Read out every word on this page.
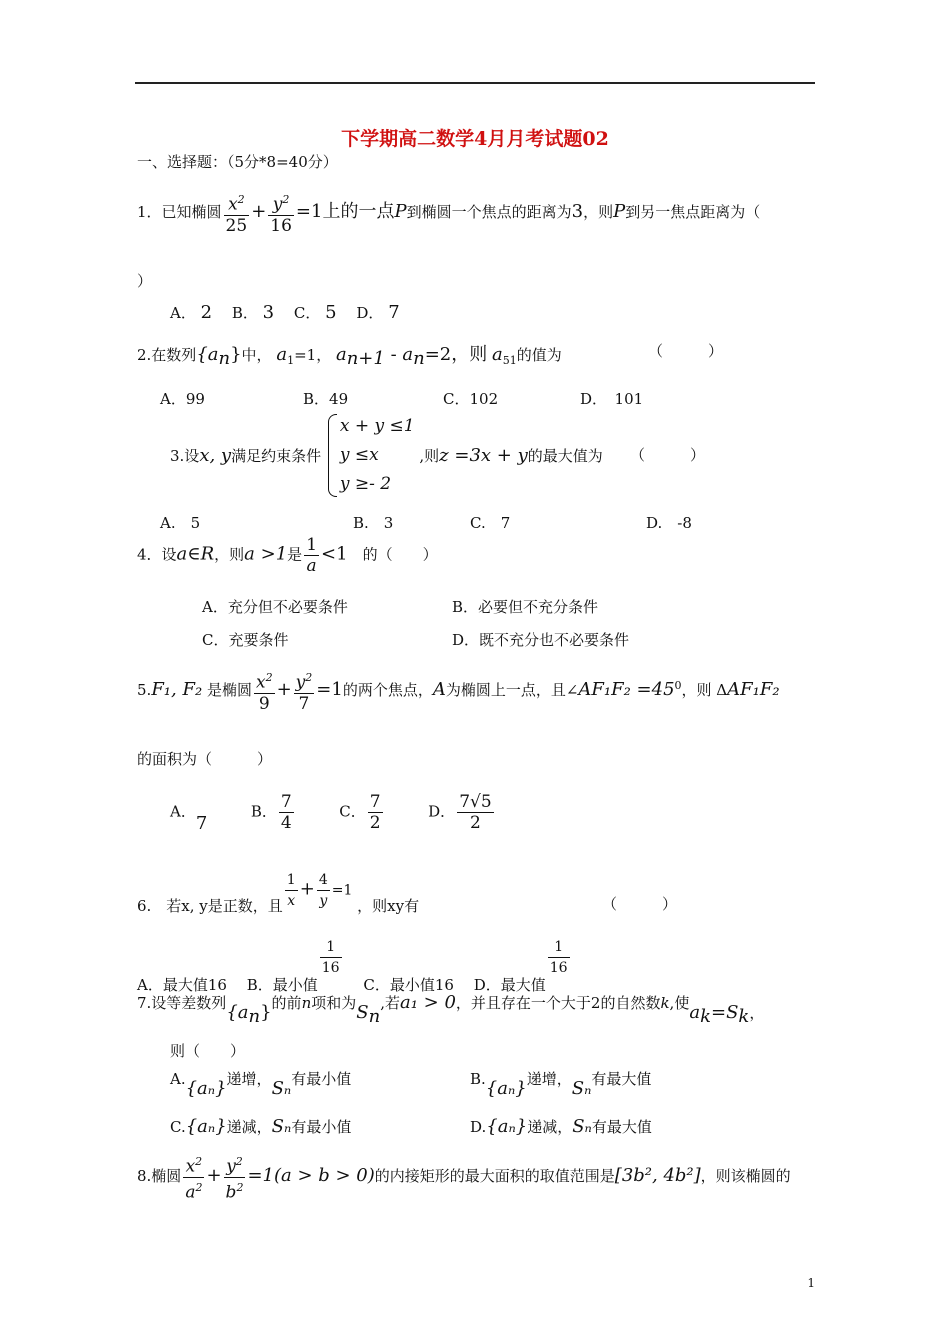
下学期高二数学4月月考试题02
一、选择题：（5分*8=40分）
1．已知椭圆 $\frac{x^2}{25} + \frac{y^2}{16} =1$上的一点P到椭圆一个焦点的距离为3，则P到另一焦点距离为（
）
A． 2　 B． 3　 C． 5　 D． 7
2.在数列$\{a_n\}$中， $a_1=1$， $a_{n+1} - a_n=2$，则 $a_{51}$的值为	（　　　）
A．99	B．49	C．102	D．　101
3.设x, y满足约束条件
x + y ≤1
y ≤x
y ≥- 2
,则z =3x + y的最大值为 （　　　）
A.　5	B.　3	C.　7	D.　-8
4．设a∈R，则a >1是 $\frac{1}{a} <1$　 的（　　）
A．充分但不必要条件	B．必要但不充分条件
C．充要条件	D．既不充分也不必要条件
5.F₁, F₂ 是椭圆 $\frac{x^2}{9} + \frac{y^2}{7} =1$的两个焦点，A为椭圆上一点，且∠AF₁F₂ $=45^0$，则 ΔAF₁F₂
的面积为（　　　）
A．7  B． $\frac{7}{4}$	C． $\frac{7}{2}$	D． $\frac{7√5}{2}$
6.　若x, y是正数，且 $\frac{1}{x} + \frac{4}{y} =1$ ，则xy有	（　　　）
A．最大值16　 B．最小值
$\frac{1}{16}$
　 C．最小值16　 D．最大值
$\frac{1}{16}$
7.设等差数列$\{a_n\}$的前n项和为$S_n$,若a₁ > 0，并且存在一个大于2的自然数k,使$a_k=S_k$，
则（　　）
A.{aₙ}递增，Sₙ有最小值	B.{aₙ}递增，Sₙ有最大值
C.{aₙ}递减，Sₙ有最小值	D.{aₙ}递减，Sₙ有最大值
8.椭圆 $\frac{x^2}{a^2} + \frac{y^2}{b^2} =1(a > b > 0)$的内接矩形的最大面积的取值范围是[3b², 4b²]，则该椭圆的
1
